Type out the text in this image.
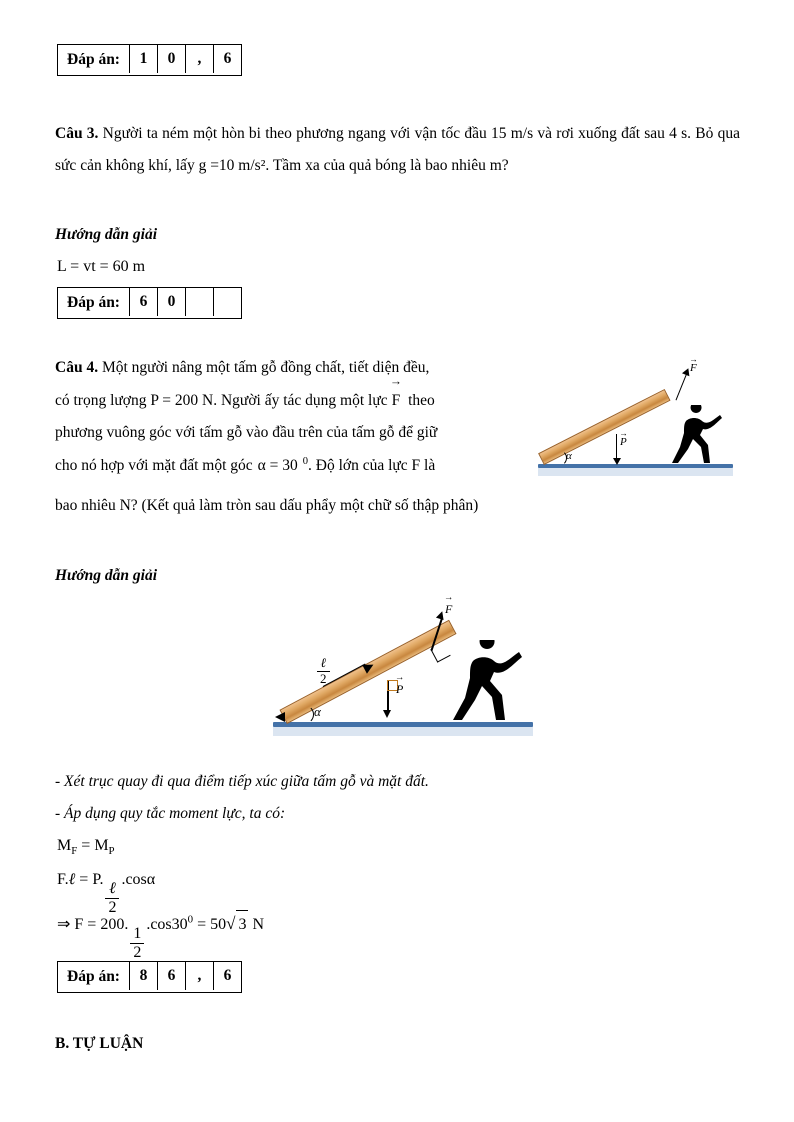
Đáp án:	1	0	,	6

Câu 3. Người ta ném một hòn bi theo phương ngang với vận tốc đầu 15 m/s và rơi xuống đất sau 4 s. Bỏ qua sức cản không khí, lấy g =10 m/s². Tầm xa của quả bóng là bao nhiêu m?

Hướng dẫn giải

L = vt = 60 m

Đáp án:	6	0

Câu 4. Một người nâng một tấm gỗ đồng chất, tiết diện đều,

có trọng lượng P = 200 N. Người ấy tác dụng một lực F → theo

phương vuông góc với tấm gỗ vào đầu trên của tấm gỗ để giữ

cho nó hợp với mặt đất một góc α = 30 $^0$. Độ lớn của lực F là

bao nhiêu N? (Kết quả làm tròn sau dấu phẩy một chữ số thập phân)

α
P →
F →

Hướng dẫn giải

α
$\frac{\text{ℓ}}{2}$
P →
F →

- Xét trục quay đi qua điểm tiếp xúc giữa tấm gỗ và mặt đất.

- Áp dụng quy tắc moment lực, ta có:

$M_F = M_P$

F.ℓ = P.
$\frac{\text{ℓ}}{2}$
.cosα

⇒ F = 200.
$\frac{1}{2}$
$.\cos 30^0 = 50√$ 3 N

Đáp án:	8	6	,	6

B. TỰ LUẬN
